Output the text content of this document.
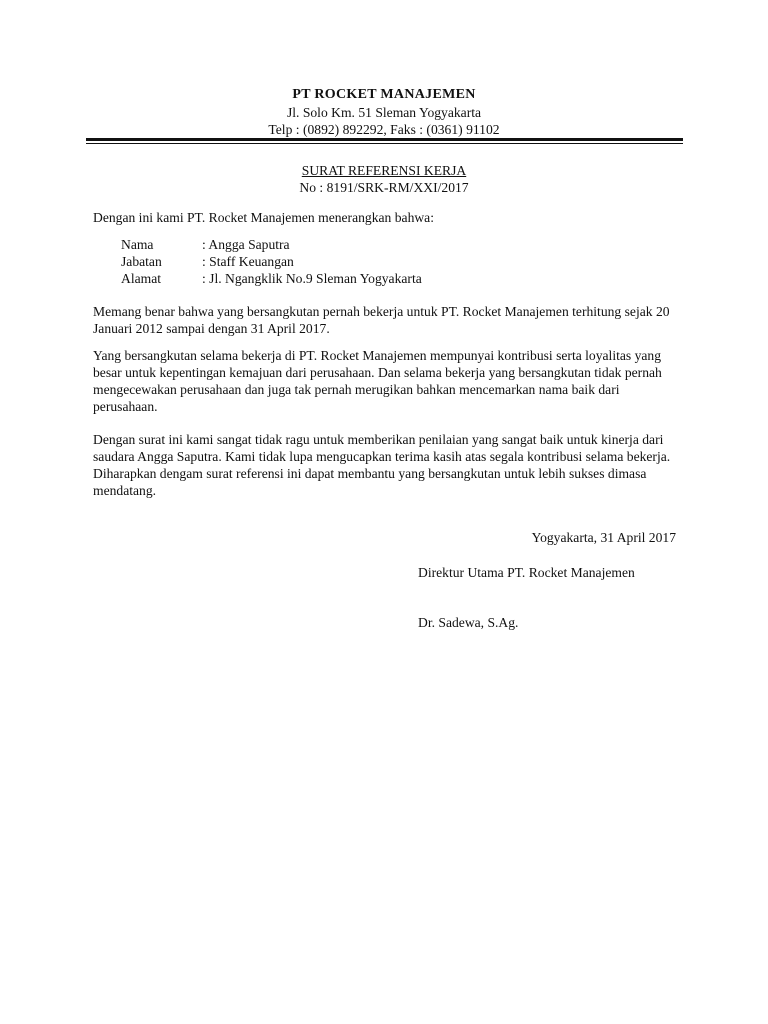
PT ROCKET MANAJEMEN
Jl. Solo Km. 51 Sleman Yogyakarta
Telp : (0892) 892292, Faks : (0361) 91102
SURAT REFERENSI KERJA
No : 8191/SRK-RM/XXI/2017
Dengan ini kami PT. Rocket Manajemen menerangkan bahwa:
Nama	: Angga Saputra
Jabatan	: Staff Keuangan
Alamat	: Jl. Ngangklik No.9 Sleman Yogyakarta
Memang benar bahwa yang bersangkutan pernah bekerja untuk PT. Rocket Manajemen terhitung sejak 20 Januari 2012 sampai dengan 31 April 2017.
Yang bersangkutan selama bekerja di PT. Rocket Manajemen mempunyai kontribusi serta loyalitas yang besar untuk kepentingan kemajuan dari perusahaan. Dan selama bekerja yang bersangkutan tidak pernah mengecewakan perusahaan dan juga tak pernah merugikan bahkan mencemarkan nama baik dari perusahaan.
Dengan surat ini kami sangat tidak ragu untuk memberikan penilaian yang sangat baik untuk kinerja dari saudara Angga Saputra. Kami tidak lupa mengucapkan terima kasih atas segala kontribusi selama bekerja. Diharapkan dengam surat referensi ini dapat membantu yang bersangkutan untuk lebih sukses dimasa mendatang.
Yogyakarta, 31 April 2017
Direktur Utama PT. Rocket Manajemen
Dr. Sadewa, S.Ag.
